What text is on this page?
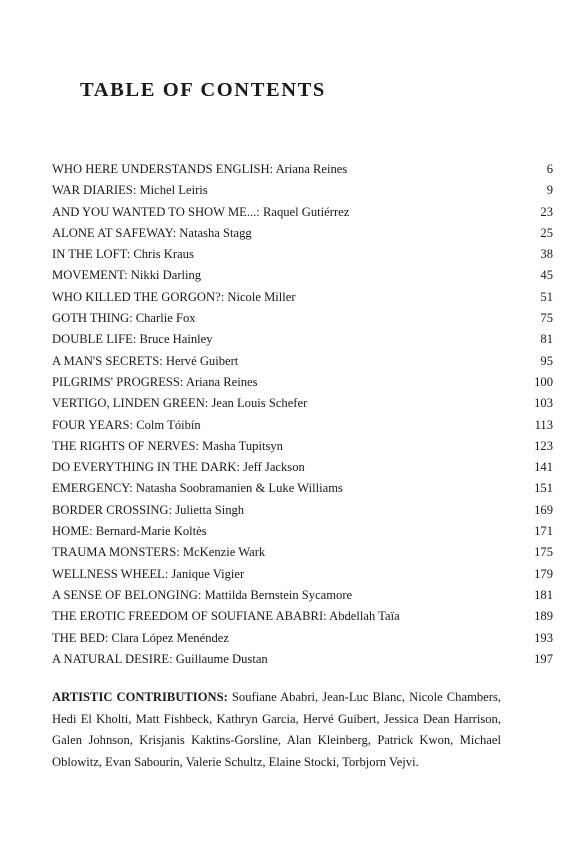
TABLE OF CONTENTS
WHO HERE UNDERSTANDS ENGLISH: Ariana Reines	6
WAR DIARIES: Michel Leiris	9
AND YOU WANTED TO SHOW ME...: Raquel Gutiérrez	23
ALONE AT SAFEWAY: Natasha Stagg	25
IN THE LOFT: Chris Kraus	38
MOVEMENT: Nikki Darling	45
WHO KILLED THE GORGON?: Nicole Miller	51
GOTH THING: Charlie Fox	75
DOUBLE LIFE: Bruce Hainley	81
A MAN'S SECRETS: Hervé Guibert	95
PILGRIMS' PROGRESS: Ariana Reines	100
VERTIGO, LINDEN GREEN: Jean Louis Schefer	103
FOUR YEARS: Colm Tóibín	113
THE RIGHTS OF NERVES: Masha Tupitsyn	123
DO EVERYTHING IN THE DARK: Jeff Jackson	141
EMERGENCY: Natasha Soobramanien & Luke Williams	151
BORDER CROSSING: Julietta Singh	169
HOME: Bernard-Marie Koltès	171
TRAUMA MONSTERS: McKenzie Wark	175
WELLNESS WHEEL: Janique Vigier	179
A SENSE OF BELONGING: Mattilda Bernstein Sycamore	181
THE EROTIC FREEDOM OF SOUFIANE ABABRI: Abdellah Taïa	189
THE BED: Clara López Menéndez	193
A NATURAL DESIRE: Guillaume Dustan	197

ARTISTIC CONTRIBUTIONS: Soufiane Ababri, Jean-Luc Blanc, Nicole Chambers, Hedi El Kholti, Matt Fishbeck, Kathryn Garcia, Hervé Guibert, Jessica Dean Harrison, Galen Johnson, Krisjanis Kaktins-Gorsline, Alan Kleinberg, Patrick Kwon, Michael Oblowitz, Evan Sabourin, Valerie Schultz, Elaine Stocki, Torbjorn Vejvi.
